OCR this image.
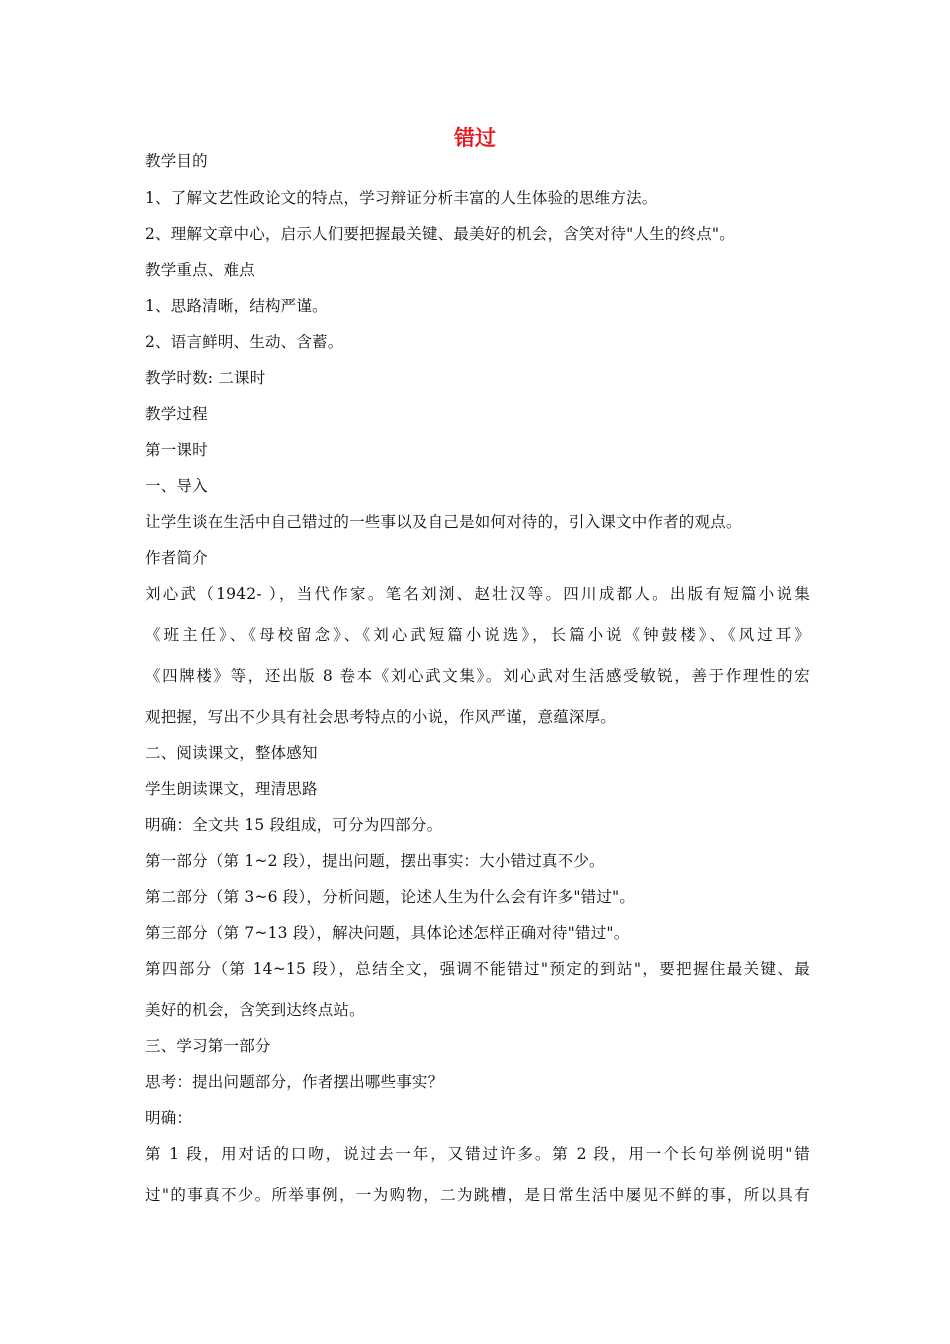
错过
教学目的
1、了解文艺性政论文的特点，学习辩证分析丰富的人生体验的思维方法。
2、理解文章中心，启示人们要把握最关键、最美好的机会，含笑对待"人生的终点"。
教学重点、难点
1、思路清晰，结构严谨。
2、语言鲜明、生动、含蓄。
教学时数: 二课时
教学过程
第一课时
一、导入
让学生谈在生活中自己错过的一些事以及自己是如何对待的，引入课文中作者的观点。
作者简介
刘心武（1942- ），当代作家。笔名刘浏、赵壮汉等。四川成都人。出版有短篇小说集
《班主任》、《母校留念》、《刘心武短篇小说选》，长篇小说《钟鼓楼》、《风过耳》
《四牌楼》等，还出版 8 卷本《刘心武文集》。刘心武对生活感受敏锐，善于作理性的宏
观把握，写出不少具有社会思考特点的小说，作风严谨，意蕴深厚。
二、阅读课文，整体感知
学生朗读课文，理清思路
明确：全文共 15 段组成，可分为四部分。
第一部分（第 1~2 段），提出问题，摆出事实：大小错过真不少。
第二部分（第 3~6 段），分析问题，论述人生为什么会有许多"错过"。
第三部分（第 7~13 段），解决问题，具体论述怎样正确对待"错过"。
第四部分（第 14~15 段），总结全文，强调不能错过"预定的到站"，要把握住最关键、最
美好的机会，含笑到达终点站。
三、学习第一部分
思考：提出问题部分，作者摆出哪些事实？
明确：
第 1 段，用对话的口吻，说过去一年，又错过许多。第 2 段，用一个长句举例说明"错
过"的事真不少。所举事例，一为购物，二为跳槽，是日常生活中屡见不鲜的事，所以具有
